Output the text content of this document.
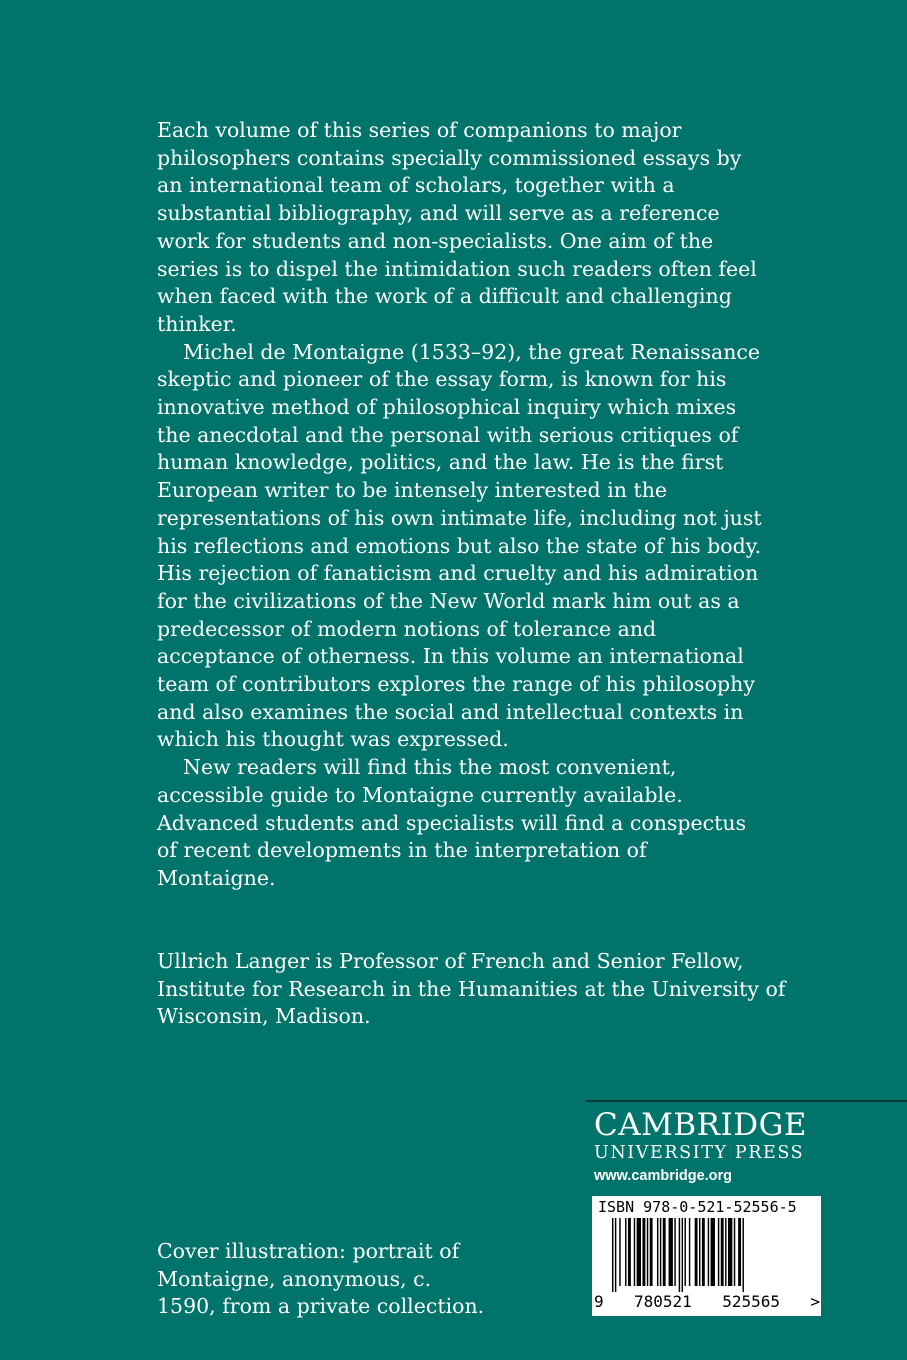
Each volume of this series of companions to major philosophers contains specially commissioned essays by an international team of scholars, together with a substantial bibliography, and will serve as a reference work for students and non-specialists. One aim of the series is to dispel the intimidation such readers often feel when faced with the work of a difficult and challenging thinker.

Michel de Montaigne (1533–92), the great Renaissance skeptic and pioneer of the essay form, is known for his innovative method of philosophical inquiry which mixes the anecdotal and the personal with serious critiques of human knowledge, politics, and the law. He is the first European writer to be intensely interested in the representations of his own intimate life, including not just his reflections and emotions but also the state of his body. His rejection of fanaticism and cruelty and his admiration for the civilizations of the New World mark him out as a predecessor of modern notions of tolerance and acceptance of otherness. In this volume an international team of contributors explores the range of his philosophy and also examines the social and intellectual contexts in which his thought was expressed.

New readers will find this the most convenient, accessible guide to Montaigne currently available. Advanced students and specialists will find a conspectus of recent developments in the interpretation of Montaigne.

Ullrich Langer is Professor of French and Senior Fellow, Institute for Research in the Humanities at the University of Wisconsin, Madison.

CAMBRIDGE
UNIVERSITY PRESS
www.cambridge.org
ISBN 978-0-521-52556-5
9 780521 525565 >

Cover illustration: portrait of Montaigne, anonymous, c. 1590, from a private collection.
